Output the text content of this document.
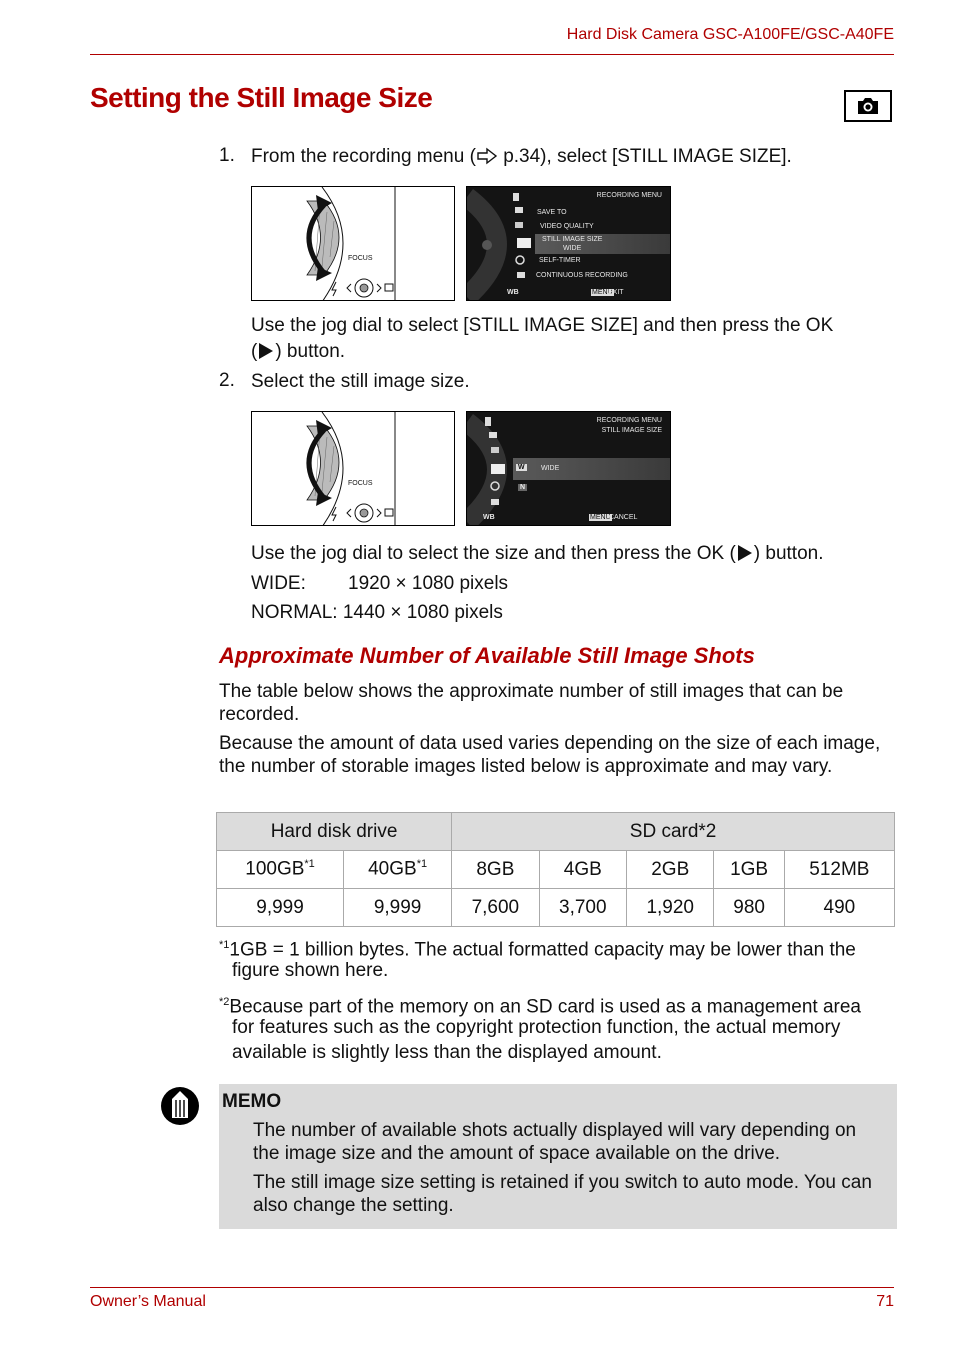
Hard Disk Camera GSC-A100FE/GSC-A40FE
Setting the Still Image Size
1. From the recording menu ( p.34), select [STILL IMAGE SIZE].
FOCUS
RECORDING MENU
SAVE TO
VIDEO QUALITY
STILL IMAGE SIZE
WIDE
SELF-TIMER
CONTINUOUS RECORDING
WB	MENU
EXIT
Use the jog dial to select [STILL IMAGE SIZE] and then press the OK
( ) button.
2. Select the still image size.
FOCUS
RECORDING MENU
STILL IMAGE SIZE
W WIDE
N
WB	MENU
CANCEL
Use the jog dial to select the size and then press the OK ( ) button.
WIDE: 1920 × 1080 pixels
NORMAL: 1440 × 1080 pixels
Approximate Number of Available Still Image Shots
The table below shows the approximate number of still images that can be recorded.
Because the amount of data used varies depending on the size of each image, the number of storable images listed below is approximate and may vary.
Hard disk drive		SD card*2				
100GB$^{*1}$	40GB$^{*1}$	8GB	4GB	2GB	1GB	512MB
9,999	9,999	7,600	3,700	1,920	980	490
$^{*1}$1GB = 1 billion bytes. The actual formatted capacity may be lower than the
figure shown here.
$^{*2}$Because part of the memory on an SD card is used as a management area
for features such as the copyright protection function, the actual memory
available is slightly less than the displayed amount.
MEMO

The number of available shots actually displayed will vary depending on the image size and the amount of space available on the drive.

The still image size setting is retained if you switch to auto mode. You can also change the setting.

Owner’s Manual	71
